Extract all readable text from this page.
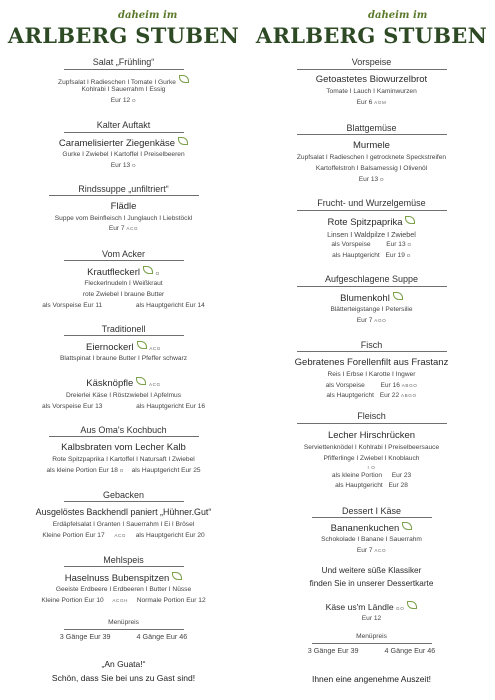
daheim im
ARLBERG STUBEN
Salat „Frühling“
Zupfsalat I Radieschen I Tomate I Gurke
Kohlrabi I Sauerrahm I Essig
Eur 12 O
Kalter Auftakt
Caramelisierter Ziegenkäse
Gurke I Zwiebel I Kartoffel I Preiselbeeren
Eur 13 O
Rindssuppe „unfiltriert“
Flädle
Suppe vom Beinfleisch I Junglauch I Liebstöckl
Eur 7 ACG
Vom Acker
Krautfleckerl	O
Fleckerlnudeln I Weißkraut
rote Zwiebel I braune Butter
als Vorspeise Eur 11	als Hauptgericht Eur 14
Traditionell
Eiernockerl	ACG
Blattspinat I braune Butter I Pfeffer schwarz
Käsknöpfle	ACG
Dreierlei Käse I Röstzwiebel I Apfelmus
als Vorspeise Eur 13	als Hauptgericht Eur 16
Aus Oma's Kochbuch
Kalbsbraten vom Lecher Kalb
Rote Spitzpaprika I Kartoffel I Natursaft I Zwiebel
als kleine Portion Eur 18 O als Hauptgericht Eur 25
Gebacken
Ausgelöstes Backhendl paniert „Hühner.Gut“
Erdäpfelsalat I Granten I Sauerrahm I Ei I Brösel
Kleine Portion Eur 17 ACG als Hauptgericht Eur 20
Mehlspeis
Haselnuss Bubenspitzen
Geeiste Erdbeere I Erdbeeren I Butter I Nüsse
Kleine Portion Eur 10 ACGH Normale Portion Eur 12
Menüpreis
3 Gänge Eur 39	4 Gänge Eur 46
„An Guata!“
Schön, dass Sie bei uns zu Gast sind!
daheim im
ARLBERG STUBEN
Vorspeise
Getoastetes Biowurzelbrot
Tomate I Lauch I Kaminwurzen
Eur 6 AGM
Blattgemüse
Murmele
Zupfsalat I Radieschen I getrocknete Speckstreifen
Kartoffelstroh I Balsamessig I Olivenöl
Eur 13 O
Frucht- und Wurzelgemüse
Rote Spitzpaprika
Linsen I Waldpilze I Zwiebel
als Vorspeise Eur 13 O
als Hauptgericht Eur 19 O
Aufgeschlagene Suppe
Blumenkohl
Blätterteigstange I Petersilie
Eur 7 AGO
Fisch
Gebratenes Forellenfilt aus Frastanz
Reis I Erbse I Karotte I Ingwer
als Vorspeise Eur 16 ABGO
als Hauptgericht Eur 22 ABGO
Fleisch
Lecher Hirschrücken
Serviettenknödel I Kohlrabi I Preiselbeersauce
Pfifferlinge I Zwiebel I Knoblauch
I O
als kleine Portion Eur 23
als Hauptgericht Eur 28
Dessert I Käse
Bananenkuchen
Schokolade I Banane I Sauerrahm
Eur 7 ACO
Und weitere süße Klassiker
finden Sie in unserer Dessertkarte
Käse us'm Ländle GO
Eur 12
Menüpreis
3 Gänge Eur 39	4 Gänge Eur 46
Ihnen eine angenehme Auszeit!
